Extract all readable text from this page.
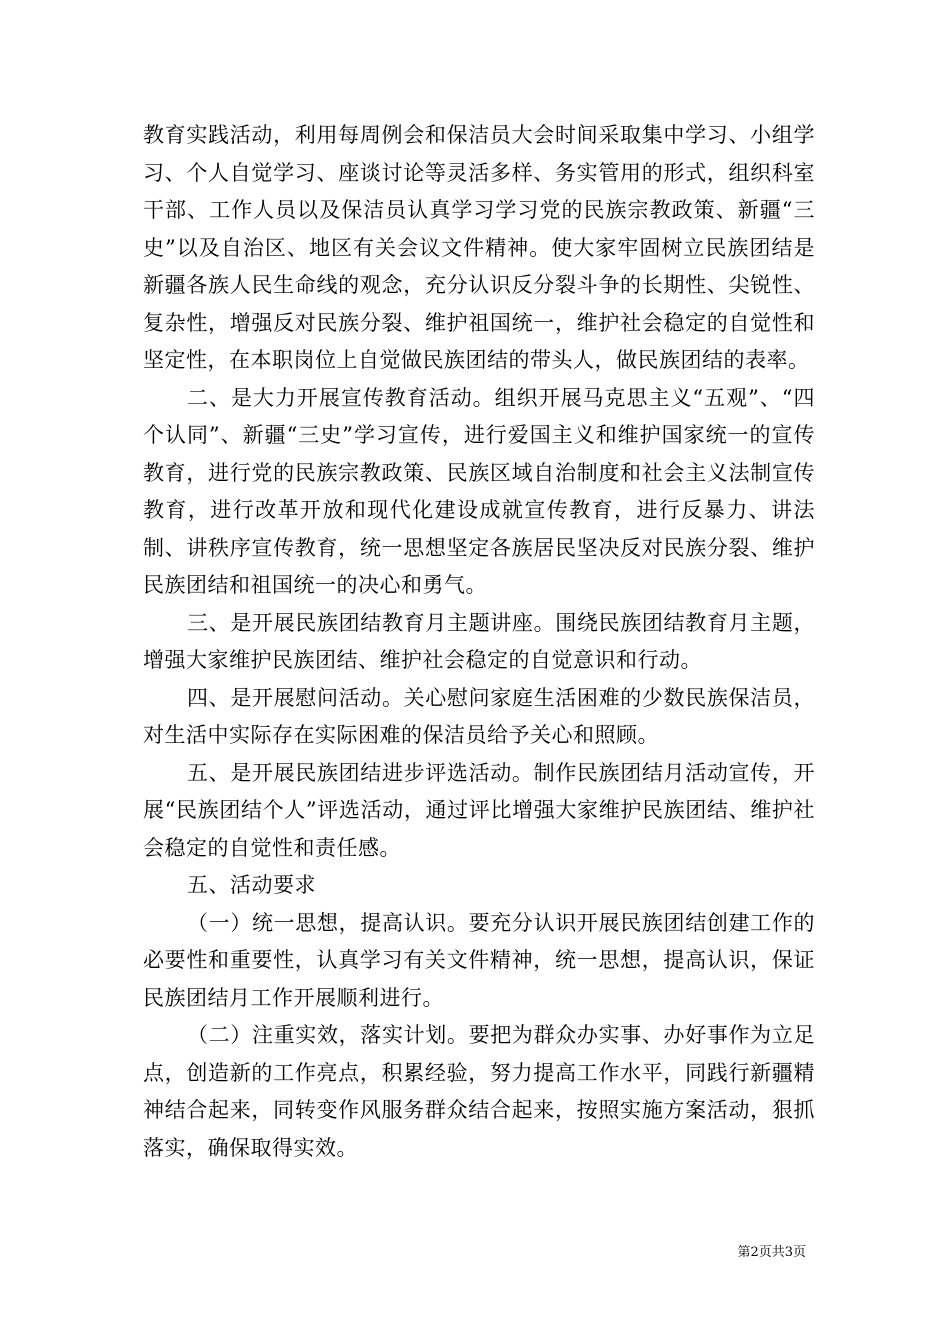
教育实践活动，利用每周例会和保洁员大会时间采取集中学习、小组学习、个人自觉学习、座谈讨论等灵活多样、务实管用的形式，组织科室干部、工作人员以及保洁员认真学习学习党的民族宗教政策、新疆“三史”以及自治区、地区有关会议文件精神。使大家牢固树立民族团结是新疆各族人民生命线的观念，充分认识反分裂斗争的长期性、尖锐性、复杂性，增强反对民族分裂、维护祖国统一，维护社会稳定的自觉性和坚定性，在本职岗位上自觉做民族团结的带头人，做民族团结的表率。

二、是大力开展宣传教育活动。组织开展马克思主义“五观”、“四个认同”、新疆“三史”学习宣传，进行爱国主义和维护国家统一的宣传教育，进行党的民族宗教政策、民族区域自治制度和社会主义法制宣传教育，进行改革开放和现代化建设成就宣传教育，进行反暴力、讲法制、讲秩序宣传教育，统一思想坚定各族居民坚决反对民族分裂、维护民族团结和祖国统一的决心和勇气。

三、是开展民族团结教育月主题讲座。围绕民族团结教育月主题，增强大家维护民族团结、维护社会稳定的自觉意识和行动。

四、是开展慰问活动。关心慰问家庭生活困难的少数民族保洁员，对生活中实际存在实际困难的保洁员给予关心和照顾。

五、是开展民族团结进步评选活动。制作民族团结月活动宣传，开展“民族团结个人”评选活动，通过评比增强大家维护民族团结、维护社会稳定的自觉性和责任感。

五、活动要求

（一）统一思想，提高认识。要充分认识开展民族团结创建工作的必要性和重要性，认真学习有关文件精神，统一思想，提高认识，保证民族团结月工作开展顺利进行。

（二）注重实效，落实计划。要把为群众办实事、办好事作为立足点，创造新的工作亮点，积累经验，努力提高工作水平，同践行新疆精神结合起来，同转变作风服务群众结合起来，按照实施方案活动，狠抓落实，确保取得实效。

第2页共3页
